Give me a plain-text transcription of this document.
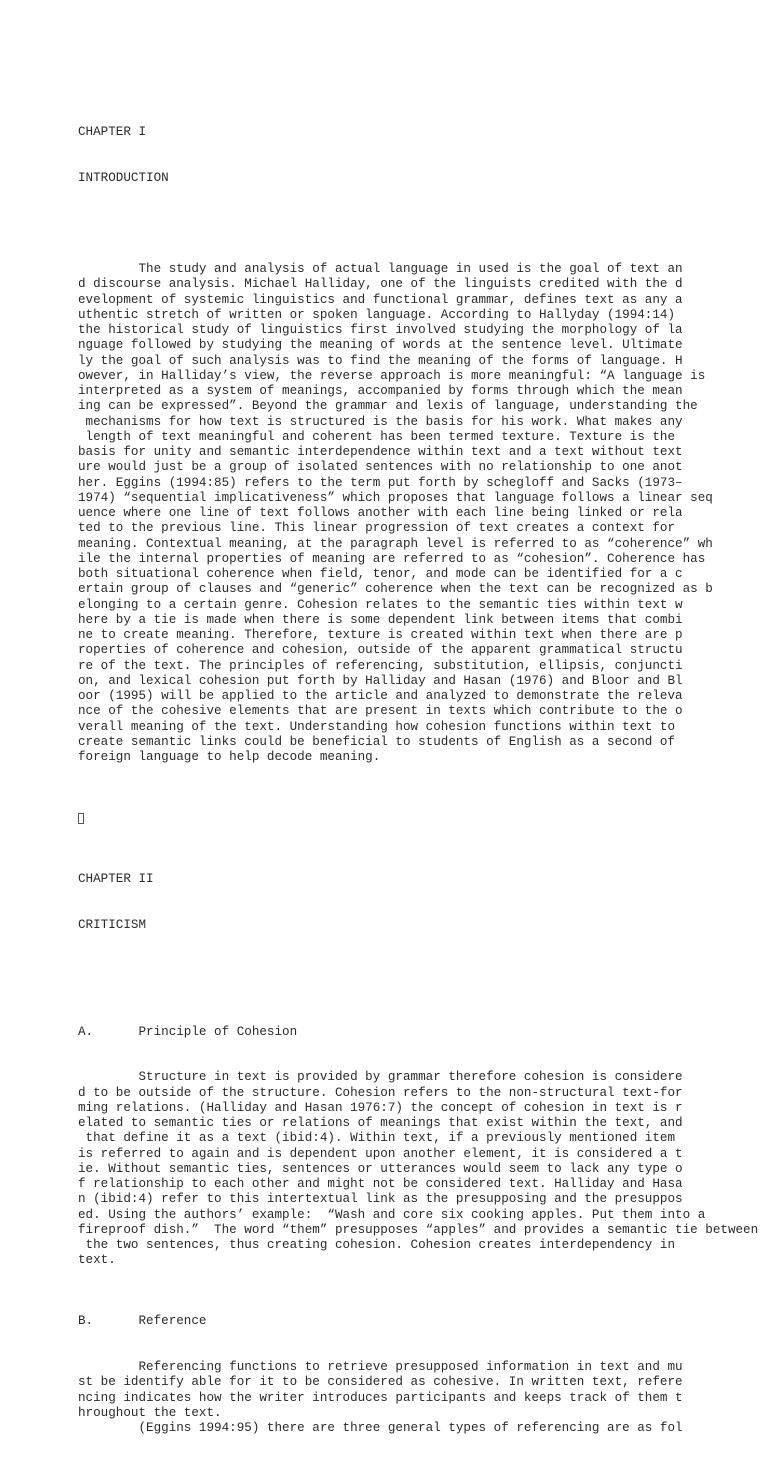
CHAPTER I

INTRODUCTION

The study and analysis of actual language in used is the goal of text an
d discourse analysis. Michael Halliday, one of the linguists credited with the d
evelopment of systemic linguistics and functional grammar, defines text as any a
uthentic stretch of written or spoken language. According to Hallyday (1994:14)
the historical study of linguistics first involved studying the morphology of la
nguage followed by studying the meaning of words at the sentence level. Ultimate
ly the goal of such analysis was to find the meaning of the forms of language. H
owever, in Halliday’s view, the reverse approach is more meaningful: “A language is
interpreted as a system of meanings, accompanied by forms through which the mean
ing can be expressed”. Beyond the grammar and lexis of language, understanding the
mechanisms for how text is structured is the basis for his work. What makes any
length of text meaningful and coherent has been termed texture. Texture is the
basis for unity and semantic interdependence within text and a text without text
ure would just be a group of isolated sentences with no relationship to one anot
her. Eggins (1994:85) refers to the term put forth by schegloff and Sacks (1973–
1974) “sequential implicativeness” which proposes that language follows a linear seq
uence where one line of text follows another with each line being linked or rela
ted to the previous line. This linear progression of text creates a context for
meaning. Contextual meaning, at the paragraph level is referred to as “coherence” wh
ile the internal properties of meaning are referred to as “cohesion”. Coherence has
both situational coherence when field, tenor, and mode can be identified for a c
ertain group of clauses and “generic” coherence when the text can be recognized as b
elonging to a certain genre. Cohesion relates to the semantic ties within text w
here by a tie is made when there is some dependent link between items that combi
ne to create meaning. Therefore, texture is created within text when there are p
roperties of coherence and cohesion, outside of the apparent grammatical structu
re of the text. The principles of referencing, substitution, ellipsis, conjuncti
on, and lexical cohesion put forth by Halliday and Hasan (1976) and Bloor and Bl
oor (1995) will be applied to the article and analyzed to demonstrate the releva
nce of the cohesive elements that are present in texts which contribute to the o
verall meaning of the text. Understanding how cohesion functions within text to
create semantic links could be beneficial to students of English as a second of
foreign language to help decode meaning.

CHAPTER II

CRITICISM

A.      Principle of Cohesion

Structure in text is provided by grammar therefore cohesion is considere
d to be outside of the structure. Cohesion refers to the non-structural text-for
ming relations. (Halliday and Hasan 1976:7) the concept of cohesion in text is r
elated to semantic ties or relations of meanings that exist within the text, and
that define it as a text (ibid:4). Within text, if a previously mentioned item
is referred to again and is dependent upon another element, it is considered a t
ie. Without semantic ties, sentences or utterances would seem to lack any type o
f relationship to each other and might not be considered text. Halliday and Hasa
n (ibid:4) refer to this intertextual link as the presupposing and the presuppos
ed. Using the authors’ example:  “Wash and core six cooking apples. Put them into a
fireproof dish.”  The word “them” presupposes “apples” and provides a semantic tie between
the two sentences, thus creating cohesion. Cohesion creates interdependency in
text.

B.      Reference

Referencing functions to retrieve presupposed information in text and mu
st be identify able for it to be considered as cohesive. In written text, refere
ncing indicates how the writer introduces participants and keeps track of them t
hroughout the text.
(Eggins 1994:95) there are three general types of referencing are as fol
